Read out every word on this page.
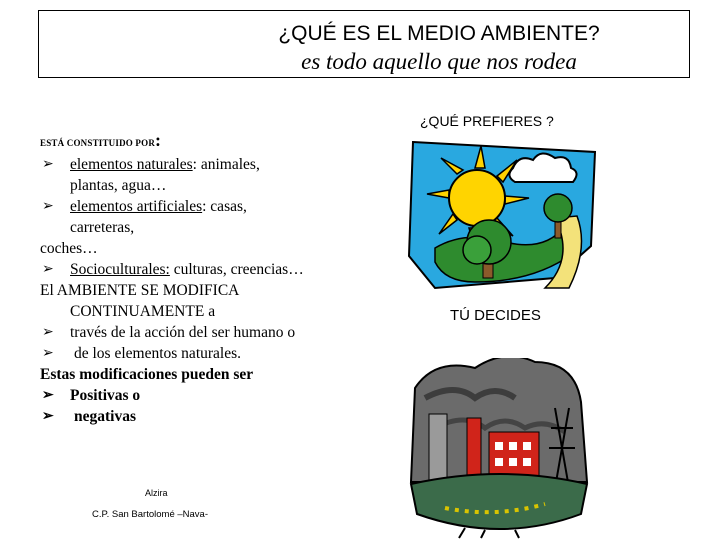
¿QUÉ ES EL MEDIO AMBIENTE?
es todo aquello que nos rodea
ESTÁ CONSTITUIDO POR:
➢ elementos naturales: animales,
plantas, agua…
➢ elementos artificiales: casas,
carreteras,
coches…
➢ Socioculturales: culturas, creencias…
El AMBIENTE SE MODIFICA
CONTINUAMENTE a
➢ través de la acción del ser humano o
➢ de los elementos naturales.
Estas modificaciones pueden ser
➢ Positivas o
➢ negativas
Alzira
C.P. San Bartolomé –Nava-
¿QUÉ PREFIERES ?
TÚ DECIDES
